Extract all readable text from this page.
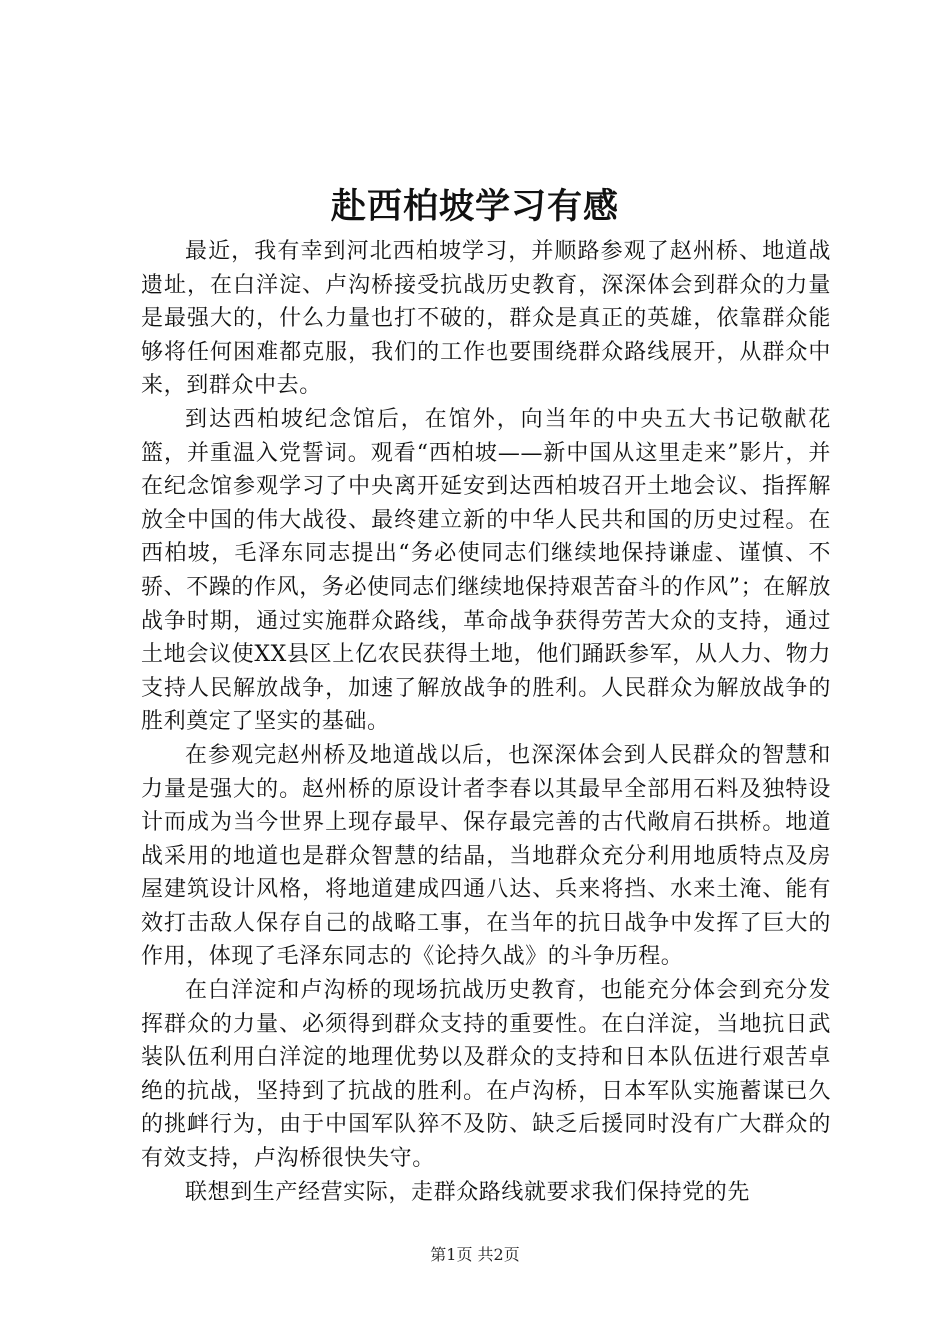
赴西柏坡学习有感

最近，我有幸到河北西柏坡学习，并顺路参观了赵州桥、地道战遗址，在白洋淀、卢沟桥接受抗战历史教育，深深体会到群众的力量是最强大的，什么力量也打不破的，群众是真正的英雄，依靠群众能够将任何困难都克服，我们的工作也要围绕群众路线展开，从群众中来，到群众中去。

到达西柏坡纪念馆后，在馆外，向当年的中央五大书记敬献花篮，并重温入党誓词。观看“西柏坡——新中国从这里走来”影片，并在纪念馆参观学习了中央离开延安到达西柏坡召开土地会议、指挥解放全中国的伟大战役、最终建立新的中华人民共和国的历史过程。在西柏坡，毛泽东同志提出“务必使同志们继续地保持谦虚、谨慎、不骄、不躁的作风，务必使同志们继续地保持艰苦奋斗的作风”；在解放战争时期，通过实施群众路线，革命战争获得劳苦大众的支持，通过土地会议使XX县区上亿农民获得土地，他们踊跃参军，从人力、物力支持人民解放战争，加速了解放战争的胜利。人民群众为解放战争的胜利奠定了坚实的基础。

在参观完赵州桥及地道战以后，也深深体会到人民群众的智慧和力量是强大的。赵州桥的原设计者李春以其最早全部用石料及独特设计而成为当今世界上现存最早、保存最完善的古代敞肩石拱桥。地道战采用的地道也是群众智慧的结晶，当地群众充分利用地质特点及房屋建筑设计风格，将地道建成四通八达、兵来将挡、水来土淹、能有效打击敌人保存自己的战略工事，在当年的抗日战争中发挥了巨大的作用，体现了毛泽东同志的《论持久战》的斗争历程。

在白洋淀和卢沟桥的现场抗战历史教育，也能充分体会到充分发挥群众的力量、必须得到群众支持的重要性。在白洋淀，当地抗日武装队伍利用白洋淀的地理优势以及群众的支持和日本队伍进行艰苦卓绝的抗战，坚持到了抗战的胜利。在卢沟桥，日本军队实施蓄谋已久的挑衅行为，由于中国军队猝不及防、缺乏后援同时没有广大群众的有效支持，卢沟桥很快失守。

联想到生产经营实际，走群众路线就要求我们保持党的先

第1页 共2页
